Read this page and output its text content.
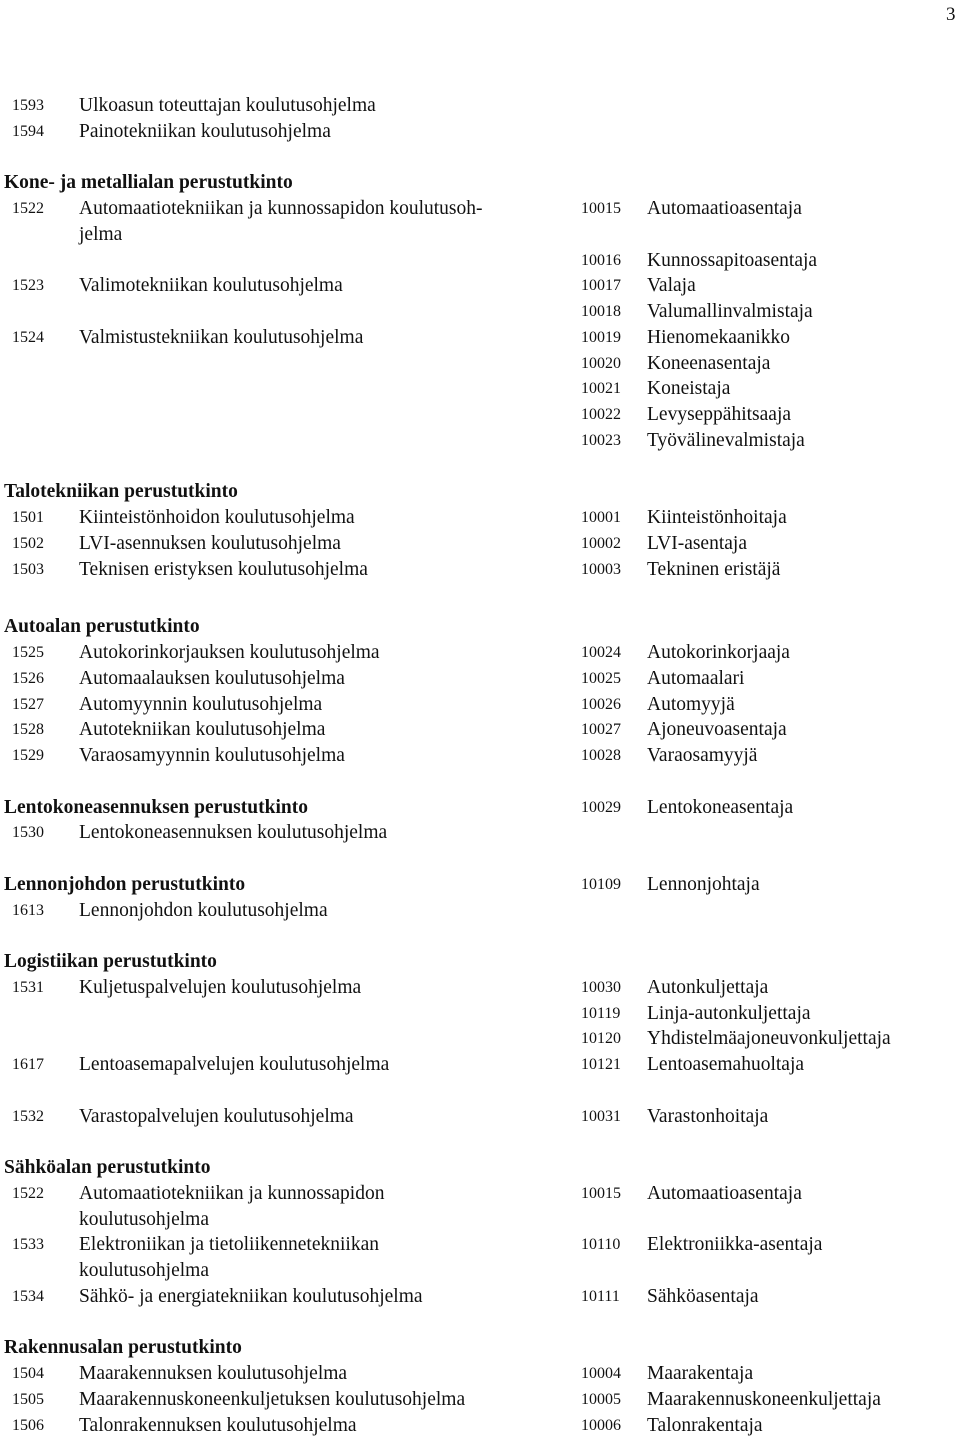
3
1593 Ulkoasun toteuttajan koulutusohjelma
1594 Painotekniikan koulutusohjelma
Kone- ja metallialan perustutkinto
1522 Automaatiotekniikan ja kunnossapidon koulutusoh-	10015 Automaatioasentaja
jelma
10016 Kunnossapitoasentaja
1523 Valimotekniikan koulutusohjelma	10017 Valaja
10018 Valumallinvalmistaja
1524 Valmistustekniikan koulutusohjelma	10019 Hienomekaanikko
10020 Koneenasentaja
10021 Koneistaja
10022 Levyseppähitsaaja
10023 Työvälinevalmistaja
Talotekniikan perustutkinto
1501 Kiinteistönhoidon koulutusohjelma	10001 Kiinteistönhoitaja
1502 LVI-asennuksen koulutusohjelma	10002 LVI-asentaja
1503 Teknisen eristyksen koulutusohjelma	10003 Tekninen eristäjä
Autoalan perustutkinto
1525 Autokorinkorjauksen koulutusohjelma	10024 Autokorinkorjaaja
1526 Automaalauksen koulutusohjelma	10025 Automaalari
1527 Automyynnin koulutusohjelma	10026 Automyyjä
1528 Autotekniikan koulutusohjelma	10027 Ajoneuvoasentaja
1529 Varaosamyynnin koulutusohjelma	10028 Varaosamyyjä
Lentokoneasennuksen perustutkinto	10029 Lentokoneasentaja
1530 Lentokoneasennuksen koulutusohjelma
Lennonjohdon perustutkinto	10109 Lennonjohtaja
1613 Lennonjohdon koulutusohjelma
Logistiikan perustutkinto
1531 Kuljetuspalvelujen koulutusohjelma	10030 Autonkuljettaja
10119 Linja-autonkuljettaja
10120 Yhdistelmäajoneuvonkuljettaja
1617 Lentoasemapalvelujen koulutusohjelma	10121 Lentoasemahuoltaja
1532 Varastopalvelujen koulutusohjelma	10031 Varastonhoitaja
Sähköalan perustutkinto
1522 Automaatiotekniikan ja kunnossapidon	10015 Automaatioasentaja
koulutusohjelma
1533 Elektroniikan ja tietoliikennetekniikan	10110 Elektroniikka-asentaja
koulutusohjelma
1534 Sähkö- ja energiatekniikan koulutusohjelma	10111 Sähköasentaja
Rakennusalan perustutkinto
1504 Maarakennuksen koulutusohjelma	10004 Maarakentaja
1505 Maarakennuskoneenkuljetuksen koulutusohjelma	10005 Maarakennuskoneenkuljettaja
1506 Talonrakennuksen koulutusohjelma	10006 Talonrakentaja
